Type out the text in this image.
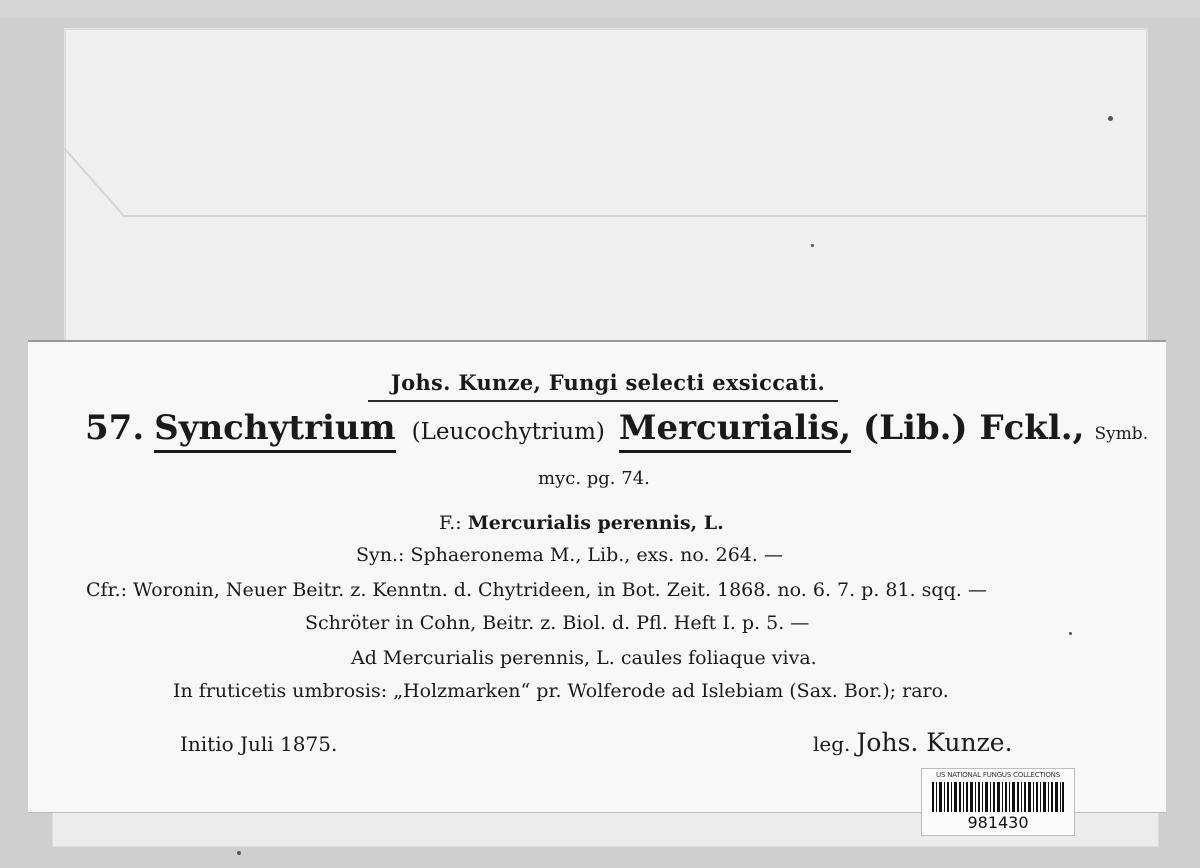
Johs. Kunze, Fungi selecti exsiccati.
57. Synchytrium (Leucochytrium) Mercurialis, (Lib.) Fckl., Symb.
myc. pg. 74.
F.: Mercurialis perennis, L.
Syn.: Sphaeronema M., Lib., exs. no. 264. —
Cfr.: Woronin, Neuer Beitr. z. Kenntn. d. Chytrideen, in Bot. Zeit. 1868. no. 6. 7. p. 81. sqq. —
Schröter in Cohn, Beitr. z. Biol. d. Pfl. Heft I. p. 5. —
Ad Mercurialis perennis, L. caules foliaque viva.
In fruticetis umbrosis: „Holzmarken“ pr. Wolferode ad Islebiam (Sax. Bor.); raro.
Initio Juli 1875.	leg. Johs. Kunze.
US NATIONAL FUNGUS COLLECTIONS
981430
